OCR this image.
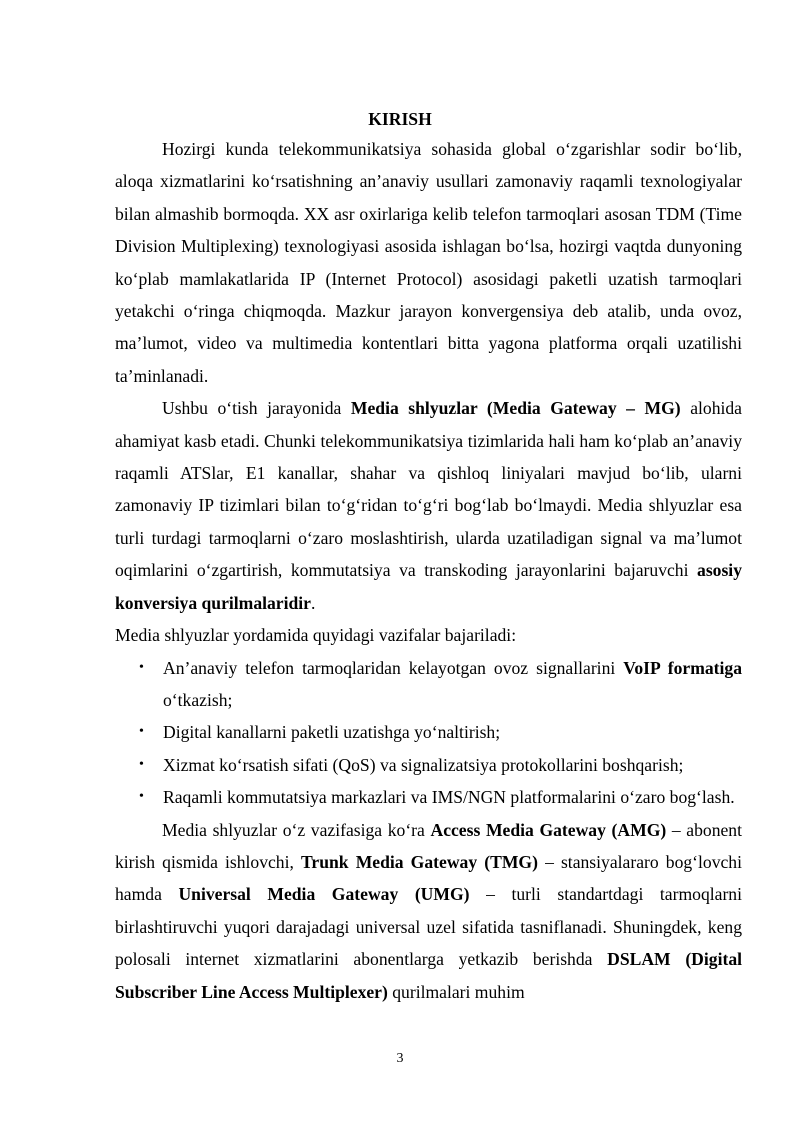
KIRISH

Hozirgi kunda telekommunikatsiya sohasida global o‘zgarishlar sodir bo‘lib, aloqa xizmatlarini ko‘rsatishning an’anaviy usullari zamonaviy raqamli texnologiyalar bilan almashib bormoqda. XX asr oxirlariga kelib telefon tarmoqlari asosan TDM (Time Division Multiplexing) texnologiyasi asosida ishlagan bo‘lsa, hozirgi vaqtda dunyoning ko‘plab mamlakatlarida IP (Internet Protocol) asosidagi paketli uzatish tarmoqlari yetakchi o‘ringa chiqmoqda. Mazkur jarayon konvergensiya deb atalib, unda ovoz, ma’lumot, video va multimedia kontentlari bitta yagona platforma orqali uzatilishi ta’minlanadi.

Ushbu o‘tish jarayonida Media shlyuzlar (Media Gateway – MG) alohida ahamiyat kasb etadi. Chunki telekommunikatsiya tizimlarida hali ham ko‘plab an’anaviy raqamli ATSlar, E1 kanallar, shahar va qishloq liniyalari mavjud bo‘lib, ularni zamonaviy IP tizimlari bilan to‘g‘ridan to‘g‘ri bog‘lab bo‘lmaydi. Media shlyuzlar esa turli turdagi tarmoqlarni o‘zaro moslashtirish, ularda uzatiladigan signal va ma’lumot oqimlarini o‘zgartirish, kommutatsiya va transkoding jarayonlarini bajaruvchi asosiy konversiya qurilmalaridir.

Media shlyuzlar yordamida quyidagi vazifalar bajariladi:

• An’anaviy telefon tarmoqlaridan kelayotgan ovoz signallarini VoIP formatiga o‘tkazish;
• Digital kanallarni paketli uzatishga yo‘naltirish;
• Xizmat ko‘rsatish sifati (QoS) va signalizatsiya protokollarini boshqarish;
• Raqamli kommutatsiya markazlari va IMS/NGN platformalarini o‘zaro bog‘lash.

Media shlyuzlar o‘z vazifasiga ko‘ra Access Media Gateway (AMG) – abonent kirish qismida ishlovchi, Trunk Media Gateway (TMG) – stansiyalararo bog‘lovchi hamda Universal Media Gateway (UMG) – turli standartdagi tarmoqlarni birlashtiruvchi yuqori darajadagi universal uzel sifatida tasniflanadi. Shuningdek, keng polosali internet xizmatlarini abonentlarga yetkazib berishda DSLAM (Digital Subscriber Line Access Multiplexer) qurilmalari muhim

3
